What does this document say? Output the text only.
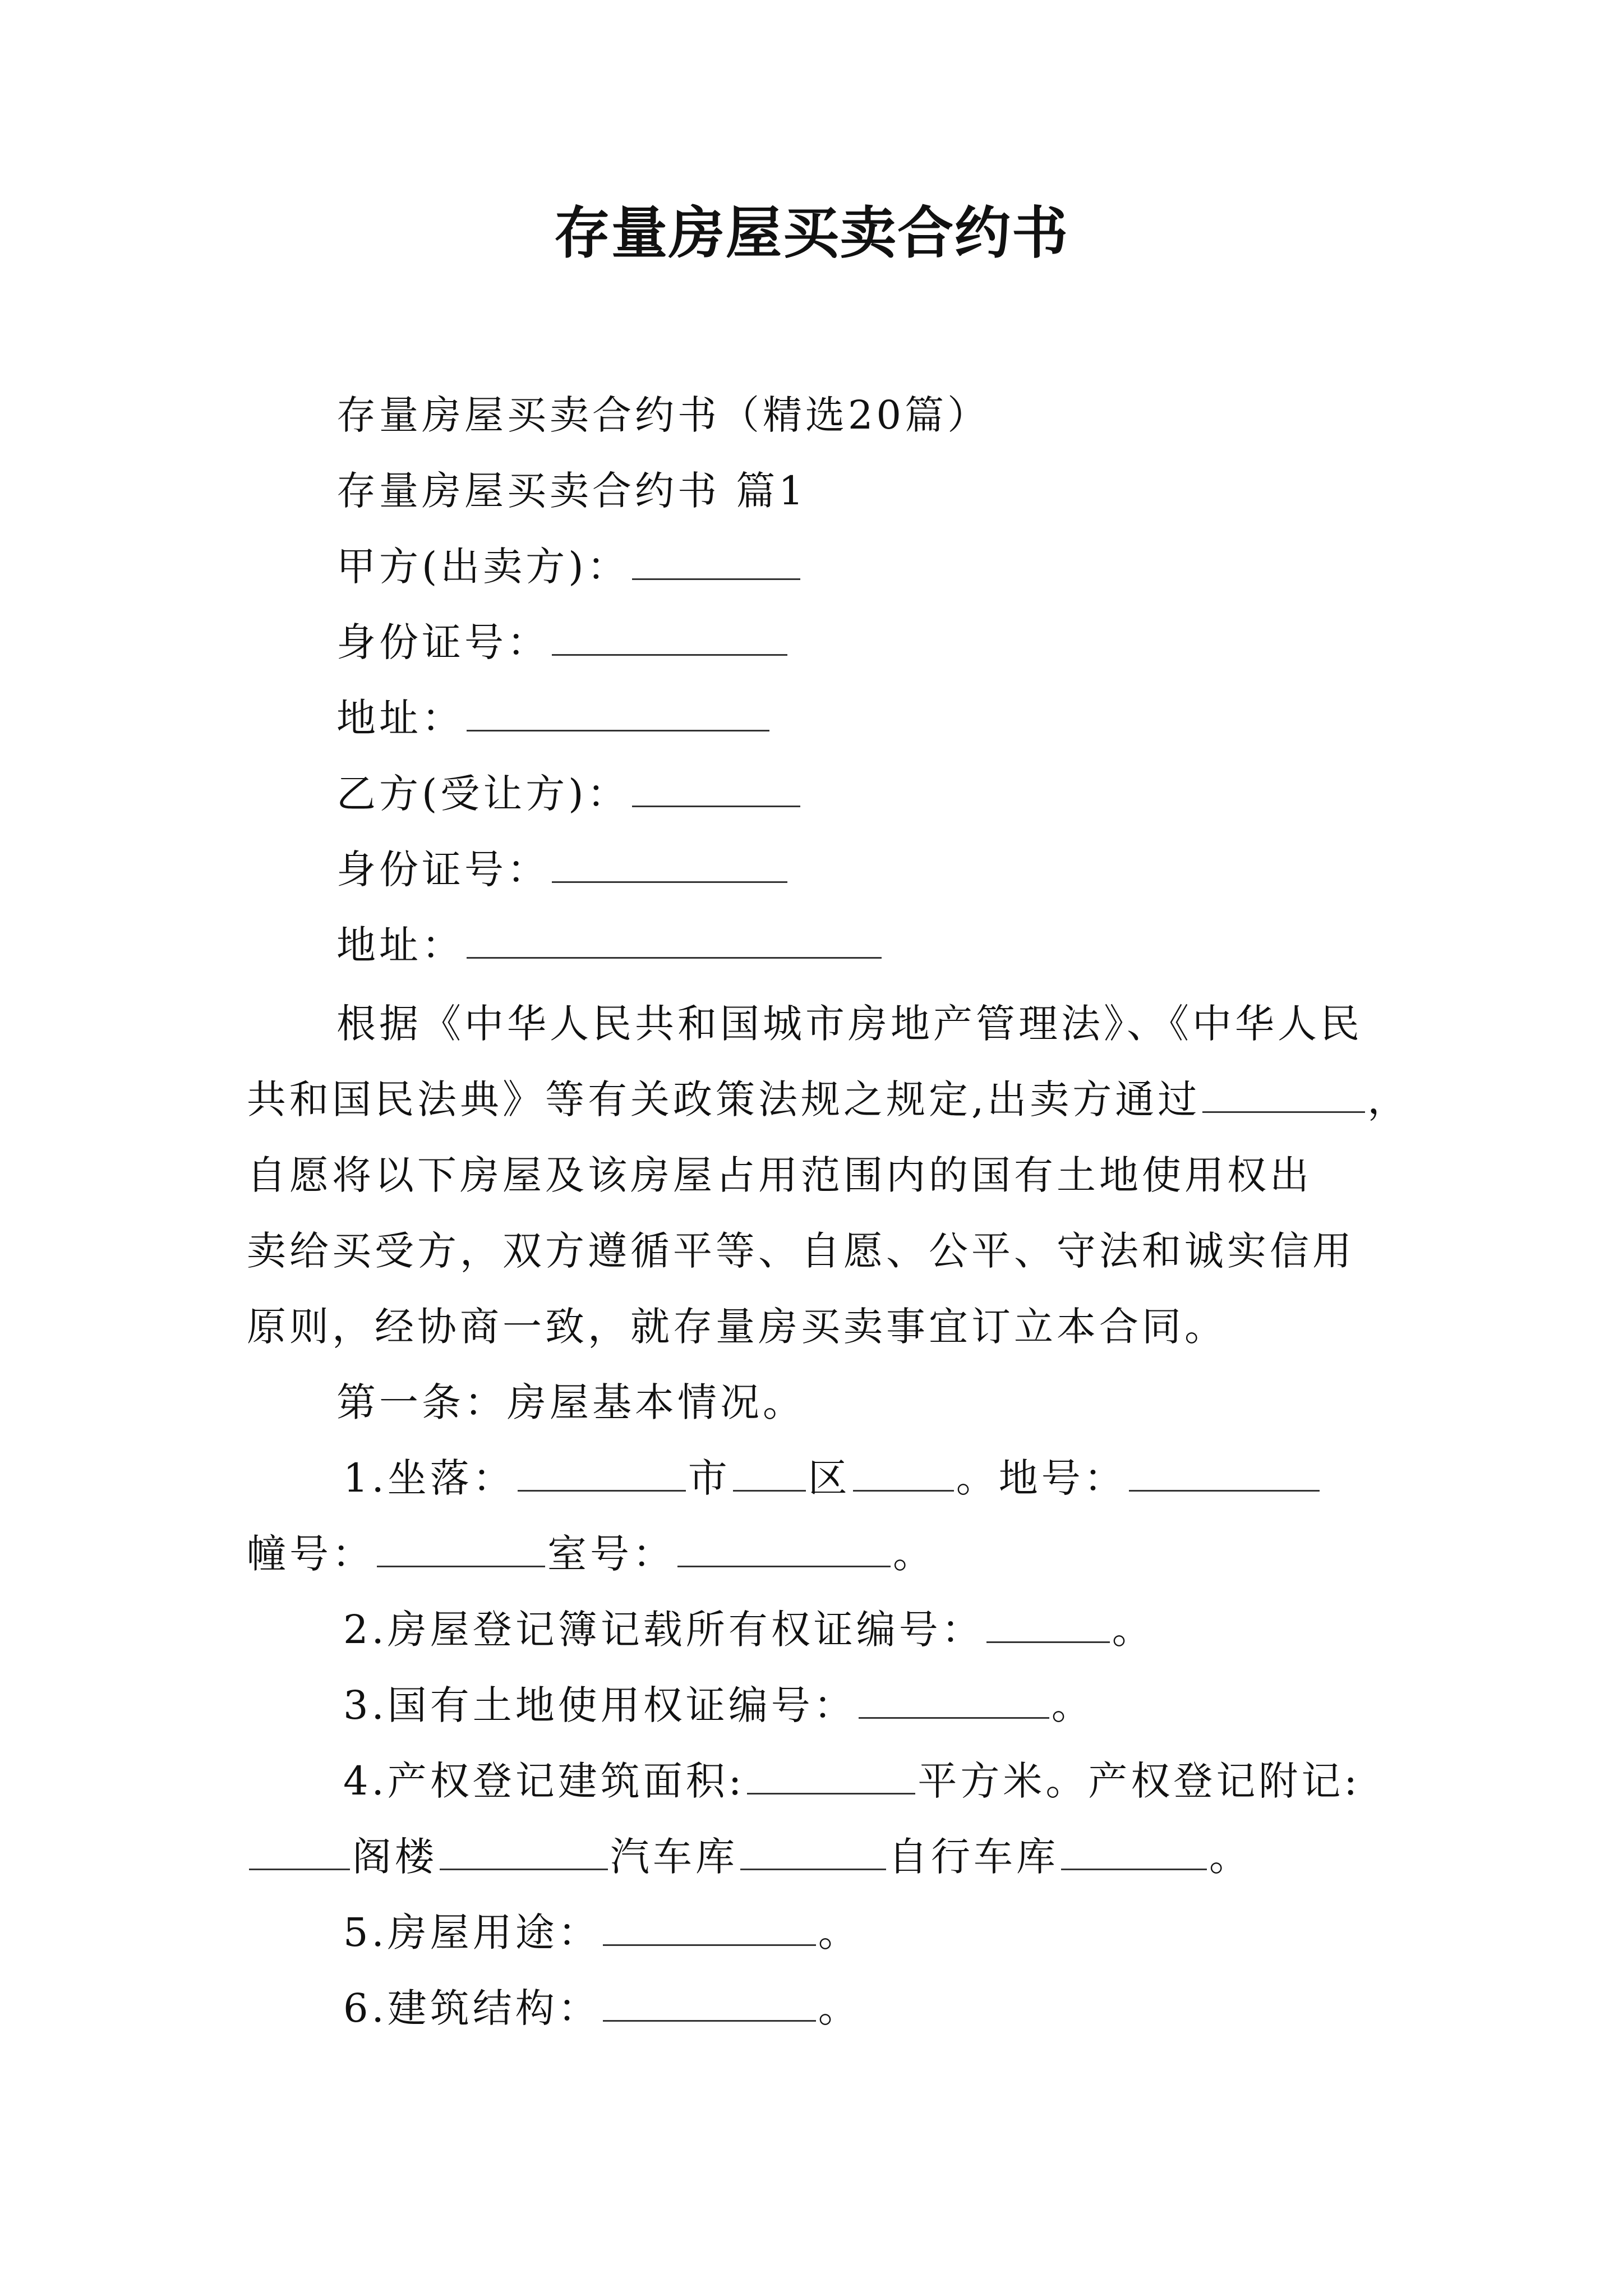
存量房屋买卖合约书
存量房屋买卖合约书（精选20篇）
存量房屋买卖合约书 篇1
甲方(出卖方)：
身份证号：
地址：
乙方(受让方)：
身份证号：
地址：
根据《中华人民共和国城市房地产管理法》、《中华人民
共和国民法典》等有关政策法规之规定,出卖方通过	，
自愿将以下房屋及该房屋占用范围内的国有土地使用权出
卖给买受方，双方遵循平等、自愿、公平、守法和诚实信用
原则，经协商一致，就存量房买卖事宜订立本合同。
第一条：房屋基本情况。
1.坐落：	市 区	。地号：
幢号：	室号：	。
2.房屋登记簿记载所有权证编号：	。
3.国有土地使用权证编号：	。
4.产权登记建筑面积:	平方米。产权登记附记:
阁楼	汽车库	自行车库	。
5.房屋用途：	。
6.建筑结构：	。
